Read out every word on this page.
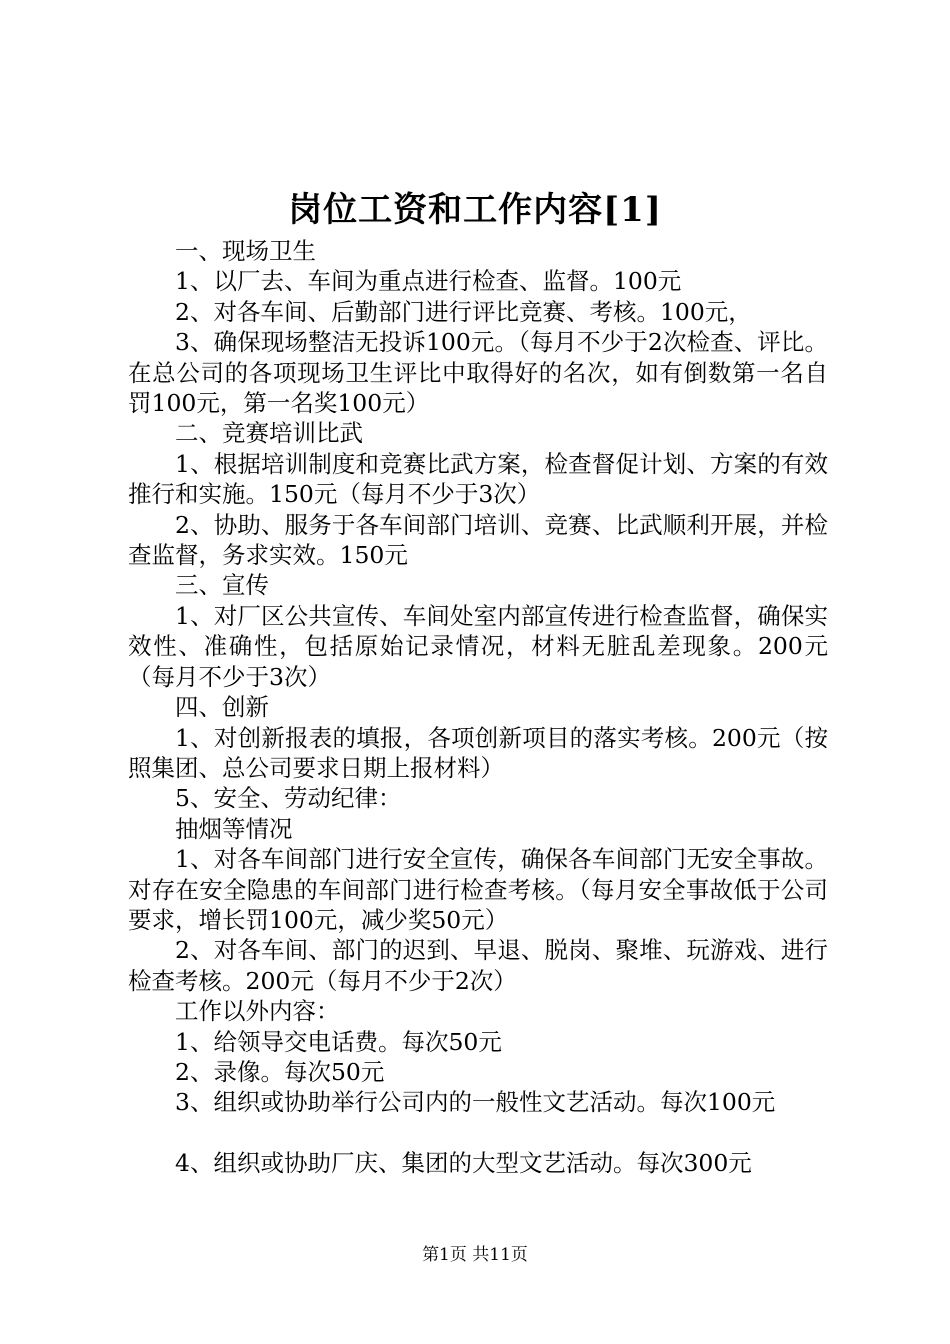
岗位工资和工作内容[1]

一、现场卫生

1、以厂去、车间为重点进行检查、监督。100元

2、对各车间、后勤部门进行评比竞赛、考核。100元，

3、确保现场整洁无投诉100元。（每月不少于2次检查、评比。在总公司的各项现场卫生评比中取得好的名次，如有倒数第一名自罚100元，第一名奖100元）

二、竞赛培训比武

1、根据培训制度和竞赛比武方案，检查督促计划、方案的有效推行和实施。150元（每月不少于3次）

2、协助、服务于各车间部门培训、竞赛、比武顺利开展，并检查监督，务求实效。150元

三、宣传

1、对厂区公共宣传、车间处室内部宣传进行检查监督，确保实效性、准确性，包括原始记录情况，材料无脏乱差现象。200元（每月不少于3次）

四、创新

1、对创新报表的填报，各项创新项目的落实考核。200元（按照集团、总公司要求日期上报材料）

5、安全、劳动纪律：

抽烟等情况

1、对各车间部门进行安全宣传，确保各车间部门无安全事故。对存在安全隐患的车间部门进行检查考核。（每月安全事故低于公司要求，增长罚100元，减少奖50元）

2、对各车间、部门的迟到、早退、脱岗、聚堆、玩游戏、进行检查考核。200元（每月不少于2次）

工作以外内容：

1、给领导交电话费。每次50元

2、录像。每次50元

3、组织或协助举行公司内的一般性文艺活动。每次100元

4、组织或协助厂庆、集团的大型文艺活动。每次300元

第1页 共11页
